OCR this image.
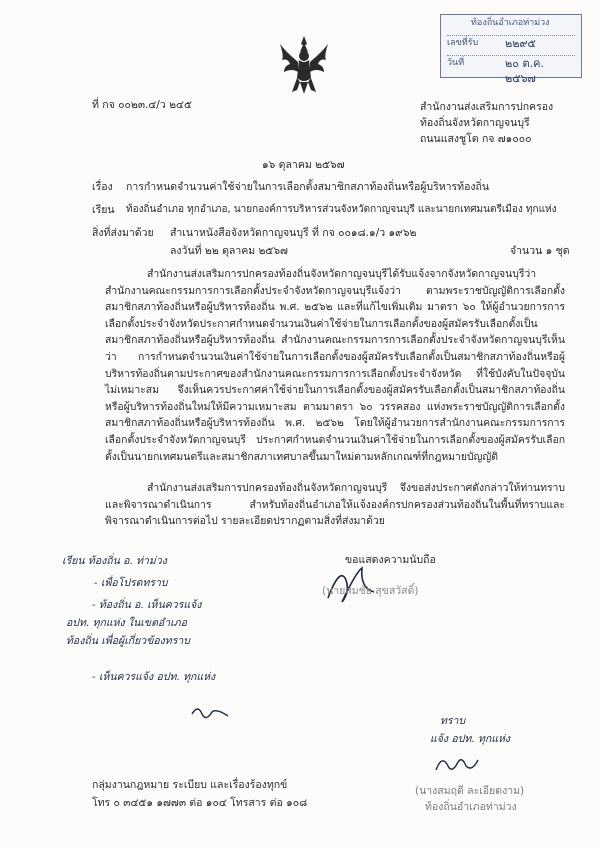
ท้องถิ่นอำเภอท่าม่วง
เลขที่รับ ๒๒๙๕
วันที่	๒๐ ต.ค. ๒๕๖๗
ที่ กจ ๐๐๒๓.๔/ว ๒๔๕	สำนักงานส่งเสริมการปกครอง
ท้องถิ่นจังหวัดกาญจนบุรี
ถนนแสงชูโต กจ ๗๑๐๐๐
๑๖ ตุลาคม ๒๕๖๗
เรื่อง การกำหนดจำนวนค่าใช้จ่ายในการเลือกตั้งสมาชิกสภาท้องถิ่นหรือผู้บริหารท้องถิ่น
เรียน ท้องถิ่นอำเภอ ทุกอำเภอ, นายกองค์การบริหารส่วนจังหวัดกาญจนบุรี และนายกเทศมนตรีเมือง ทุกแห่ง
สิ่งที่ส่งมาด้วย สำเนาหนังสือจังหวัดกาญจนบุรี ที่ กจ ๐๐๑๘.๑/ว ๑๙๖๒
ลงวันที่ ๒๒ ตุลาคม ๒๕๖๗	จำนวน ๑ ชุด
สำนักงานส่งเสริมการปกครองท้องถิ่นจังหวัดกาญจนบุรีได้รับแจ้งจากจังหวัดกาญจนบุรีว่า สำนักงานคณะกรรมการการเลือกตั้งประจำจังหวัดกาญจนบุรีแจ้งว่า ตามพระราชบัญญัติการเลือกตั้งสมาชิกสภาท้องถิ่นหรือผู้บริหารท้องถิ่น พ.ศ. ๒๕๖๒ และที่แก้ไขเพิ่มเติม มาตรา ๖๐ ให้ผู้อำนวยการการเลือกตั้งประจำจังหวัดประกาศกำหนดจำนวนเงินค่าใช้จ่ายในการเลือกตั้งของผู้สมัครรับเลือกตั้งเป็นสมาชิกสภาท้องถิ่นหรือผู้บริหารท้องถิ่น สำนักงานคณะกรรมการการเลือกตั้งประจำจังหวัดกาญจนบุรีเห็นว่า การกำหนดจำนวนเงินค่าใช้จ่ายในการเลือกตั้งของผู้สมัครรับเลือกตั้งเป็นสมาชิกสภาท้องถิ่นหรือผู้บริหารท้องถิ่นตามประกาศของสำนักงานคณะกรรมการการเลือกตั้งประจำจังหวัด ที่ใช้บังคับในปัจจุบันไม่เหมาะสม จึงเห็นควรประกาศค่าใช้จ่ายในการเลือกตั้งของผู้สมัครรับเลือกตั้งเป็นสมาชิกสภาท้องถิ่นหรือผู้บริหารท้องถิ่นใหม่ให้มีความเหมาะสม ตามมาตรา ๖๐ วรรคสอง แห่งพระราชบัญญัติการเลือกตั้งสมาชิกสภาท้องถิ่นหรือผู้บริหารท้องถิ่น พ.ศ. ๒๕๖๒ โดยให้ผู้อำนวยการสำนักงานคณะกรรมการการเลือกตั้งประจำจังหวัดกาญจนบุรี ประกาศกำหนดจำนวนเงินค่าใช้จ่ายในการเลือกตั้งของผู้สมัครรับเลือกตั้งเป็นนายกเทศมนตรีและสมาชิกสภาเทศบาลขึ้นมาใหม่ตามหลักเกณฑ์ที่กฎหมายบัญญัติ
สำนักงานส่งเสริมการปกครองท้องถิ่นจังหวัดกาญจนบุรี จึงขอส่งประกาศดังกล่าวให้ท่านทราบและพิจารณาดำเนินการ สำหรับท้องถิ่นอำเภอให้แจ้งองค์กรปกครองส่วนท้องถิ่นในพื้นที่ทราบและพิจารณาดำเนินการต่อไป รายละเอียดปรากฏตามสิ่งที่ส่งมาด้วย
ขอแสดงความนับถือ
(นายสมชัย สุขสวัสดิ์)
เรียน ท้องถิ่น อ. ท่าม่วง
- เพื่อโปรดทราบ
- ท้องถิ่น อ. เห็นควรแจ้ง
อปท. ทุกแห่ง ในเขตอำเภอ
ท้องถิ่น เพื่อผู้เกี่ยวข้องทราบ
- เห็นควรแจ้ง อปท. ทุกแห่ง
ทราบ
แจ้ง อปท. ทุกแห่ง
(นางสมฤดี ละเอียดงาม)
ท้องถิ่นอำเภอท่าม่วง
กลุ่มงานกฎหมาย ระเบียบ และเรื่องร้องทุกข์
โทร ๐ ๓๔๕๑ ๑๗๗๓ ต่อ ๑๐๔ โทรสาร ต่อ ๑๐๘
